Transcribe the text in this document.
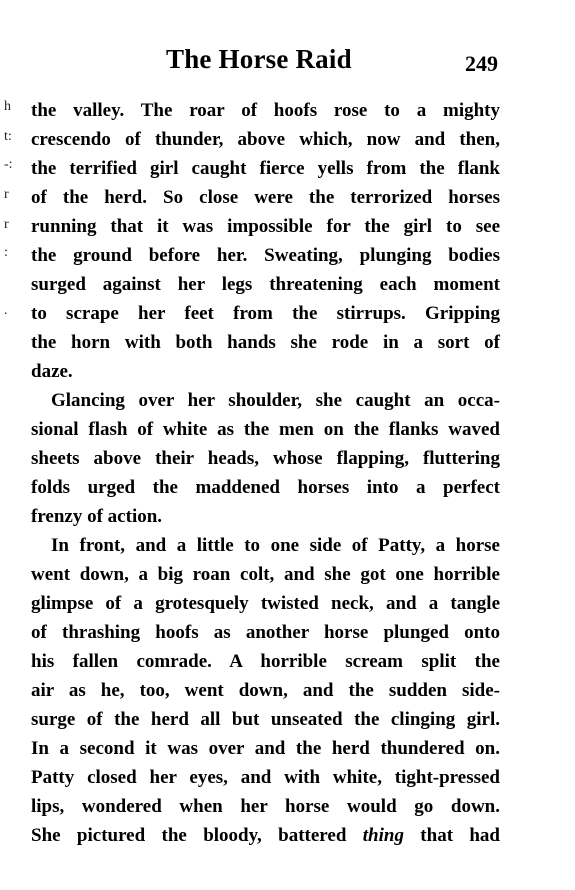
The Horse Raid	249
h
t:
-:
r
r
:
.
the valley. The roar of hoofs rose to a mighty
crescendo of thunder, above which, now and then,
the terrified girl caught fierce yells from the flank
of the herd. So close were the terrorized horses
running that it was impossible for the girl to see
the ground before her. Sweating, plunging bodies
surged against her legs threatening each moment
to scrape her feet from the stirrups. Gripping
the horn with both hands she rode in a sort of
daze.
Glancing over her shoulder, she caught an occa-
sional flash of white as the men on the flanks waved
sheets above their heads, whose flapping, fluttering
folds urged the maddened horses into a perfect
frenzy of action.
In front, and a little to one side of Patty, a horse
went down, a big roan colt, and she got one horrible
glimpse of a grotesquely twisted neck, and a tangle
of thrashing hoofs as another horse plunged onto
his fallen comrade. A horrible scream split the
air as he, too, went down, and the sudden side-
surge of the herd all but unseated the clinging girl.
In a second it was over and the herd thundered on.
Patty closed her eyes, and with white, tight-pressed
lips, wondered when her horse would go down.
She pictured the bloody, battered thing that had
